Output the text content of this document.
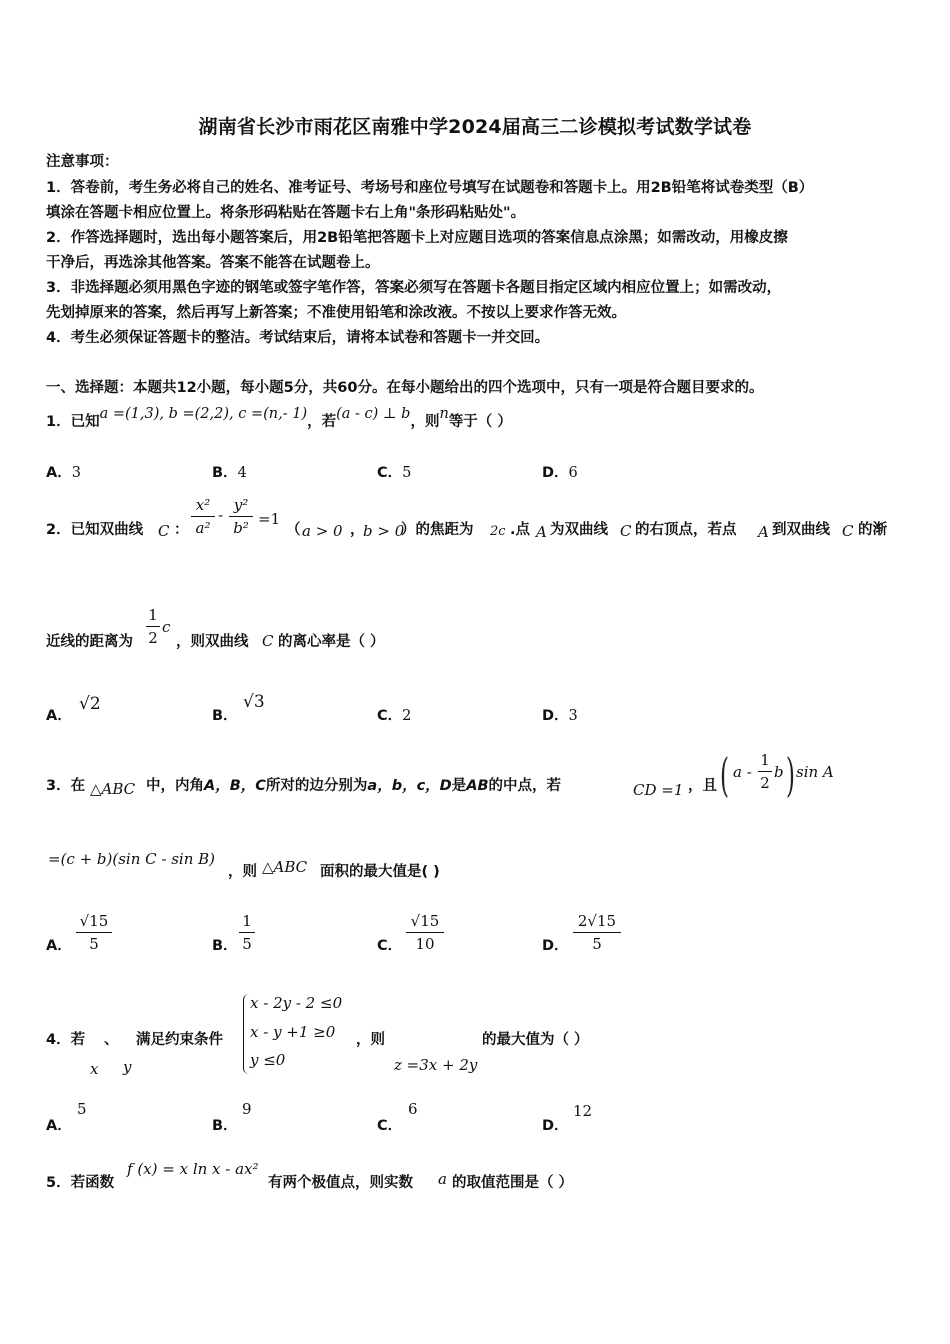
湖南省长沙市雨花区南雅中学2024届高三二诊模拟考试数学试卷
注意事项：
1．答卷前，考生务必将自己的姓名、准考证号、考场号和座位号填写在试题卷和答题卡上。用2B铅笔将试卷类型（B）
填涂在答题卡相应位置上。将条形码粘贴在答题卡右上角"条形码粘贴处"。
2．作答选择题时，选出每小题答案后，用2B铅笔把答题卡上对应题目选项的答案信息点涂黑；如需改动，用橡皮擦
干净后，再选涂其他答案。答案不能答在试题卷上。
3．非选择题必须用黑色字迹的钢笔或签字笔作答，答案必须写在答题卡各题目指定区域内相应位置上；如需改动，
先划掉原来的答案，然后再写上新答案；不准使用铅笔和涂改液。不按以上要求作答无效。
4．考生必须保证答题卡的整洁。考试结束后，请将本试卷和答题卡一并交回。
一、选择题：本题共12小题，每小题5分，共60分。在每小题给出的四个选项中，只有一项是符合题目要求的。
1．已知a =(1,3), b =(2,2), c =(n,- 1)，若(a - c) ⊥ b，则n等于（ ）
A．3	B．4	C．5	D．6
2．已知双曲线 C ： $\frac{\text{x²}}{\text{a²}} - \frac{\text{y²}}{\text{b²}} =1$
（ a > 0 ，
b > 0
）的焦距为 2c .点 A 为双曲线 C 的右顶点，若点 A 到双曲线 C 的渐
近线的距离为 $\frac{1}{2}$ c
，则双曲线 C 的离心率是（ ）
A．
√2
B．
√3
C．2	D．3
3．在 △ABC 中，内角A，B，C所对的边分别为a，b，c，D是AB的中点，若	CD =1 ，且 ( a - $\frac{1}{2}$ b ) sin A
=(c + b)(sin C - sin B)
，则 △ABC 面积的最大值是( )
A． $\frac{√15}{5}$	B． $\frac{1}{5}$	C． $\frac{√15}{10}$	D． $\frac{2√15}{5}$
4．若 、 满足约束条件
x y
x - 2y - 2 ≤0
x - y +1 ≥0
y ≤0
，则
z =3x + 2y
的最大值为（ ）
A．
5
B．
9
C．
6
D．
12
5．若函数
f (x) = x ln x - ax²
有两个极值点，则实数 a 的取值范围是（ ）
